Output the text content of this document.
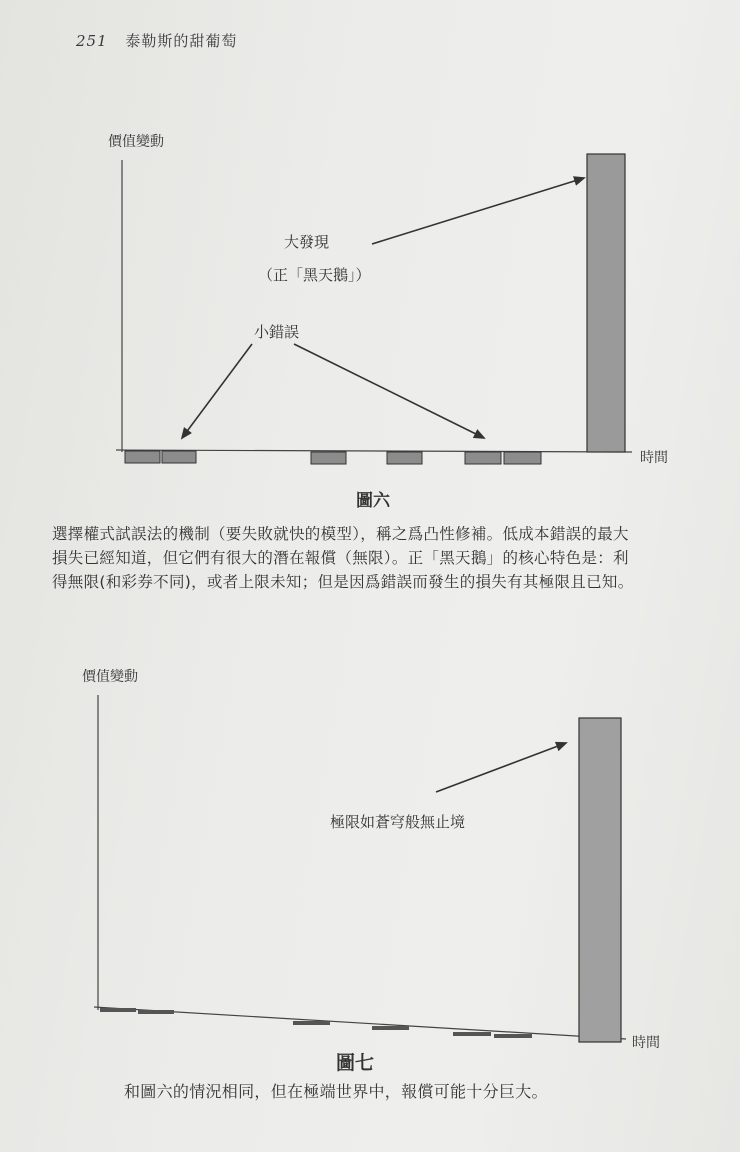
251 泰勒斯的甜葡萄
價值變動
時間
大發現
（正「黑天鵝」）
小錯誤
圖六
選擇權式試誤法的機制（要失敗就快的模型），稱之爲凸性修補。低成本錯誤的最大
損失已經知道，但它們有很大的潛在報償（無限）。正「黑天鵝」的核心特色是：利
得無限(和彩券不同)，或者上限未知；但是因爲錯誤而發生的損失有其極限且已知。
價值變動
時間
極限如蒼穹般無止境
圖七
和圖六的情況相同，但在極端世界中，報償可能十分巨大。
